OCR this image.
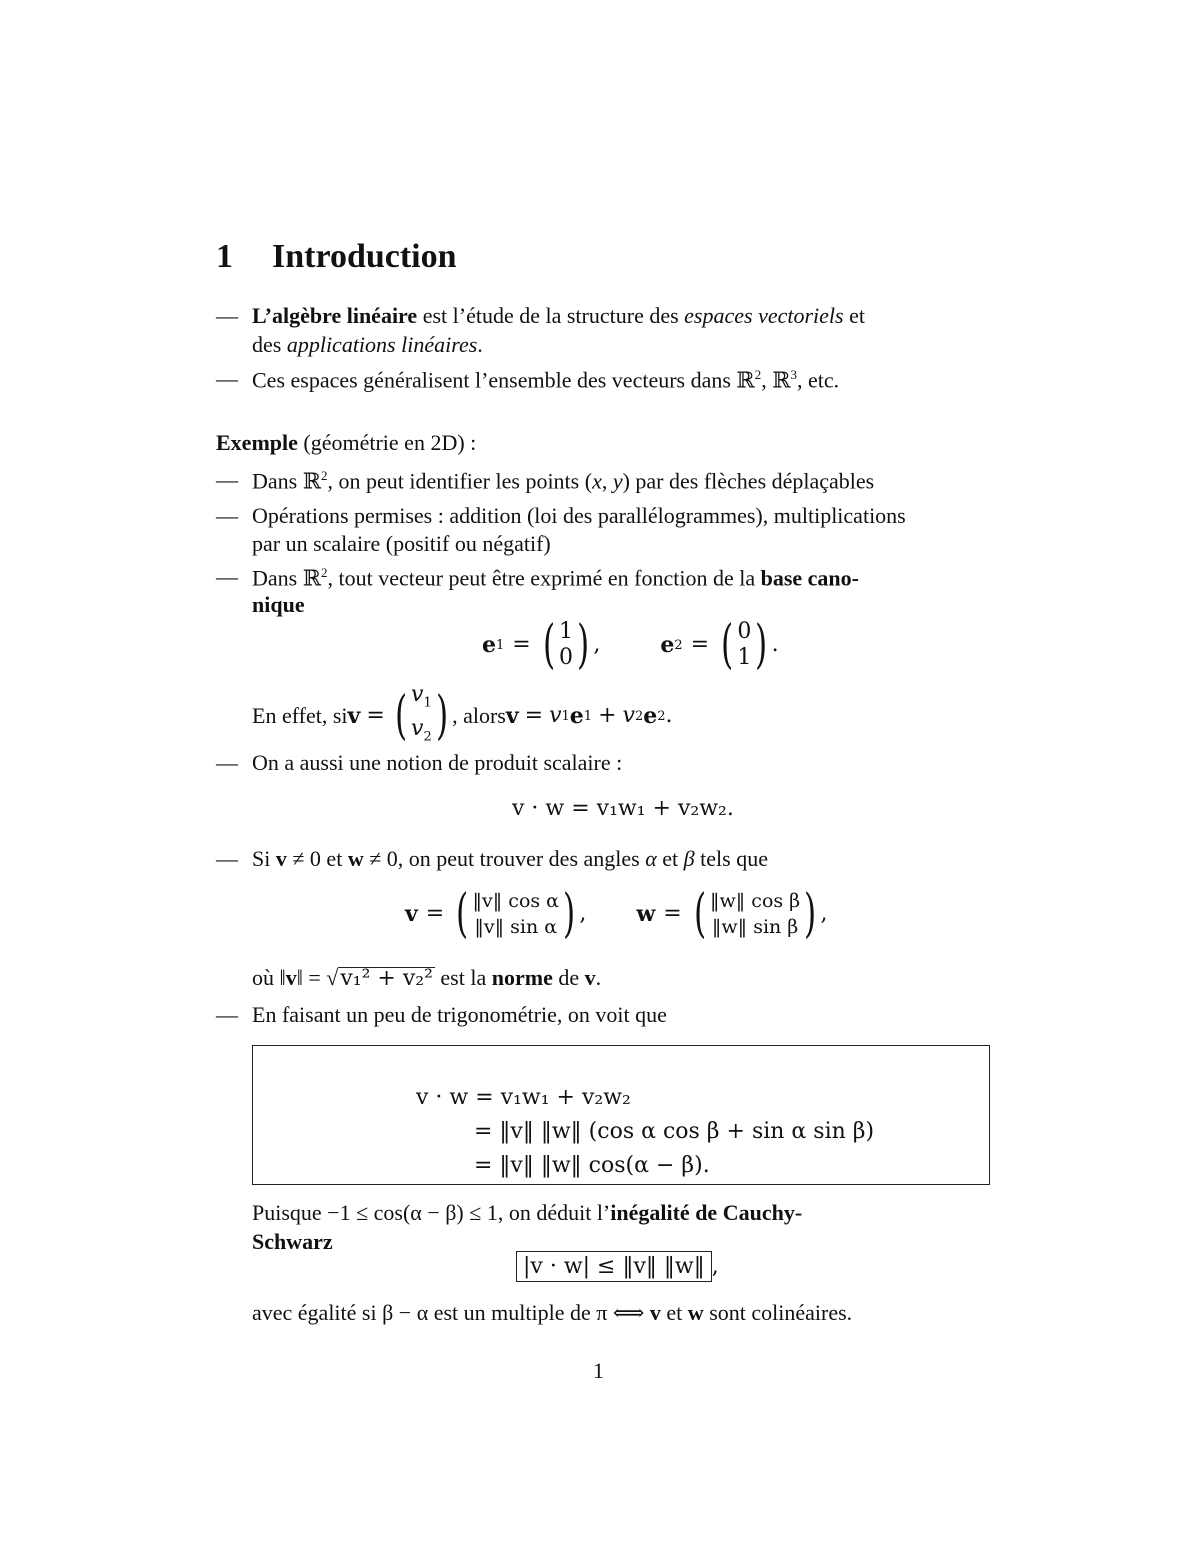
1 Introduction
— L’algèbre linéaire est l’étude de la structure des espaces vectoriels et
des applications linéaires.
— Ces espaces généralisent l’ensemble des vecteurs dans ℝ$^2$, ℝ$^3$, etc.
Exemple (géométrie en 2D) :
— Dans ℝ$^2$, on peut identifier les points (x, y) par des flèches déplaçables
— Opérations permises : addition (loi des parallélogrammes), multiplications
par un scalaire (positif ou négatif)
— Dans ℝ$^2$, tout vecteur peut être exprimé en fonction de la base cano-
nique
e 1 = ( 1
0 ) ,	e 2 = ( 0
1 ) .
En effet, si v = ( $v_1$
$v_2$ ) , alors v = v 1 e 1 + v 2 e 2 .
— On a aussi une notion de produit scalaire :
v · w = v₁w₁ + v₂w₂.
— Si v ≠ 0 et w ≠ 0, on peut trouver des angles α et β tels que
v = ( ‖v‖ cos α
‖v‖ sin α ) , w = ( ‖w‖ cos β
‖w‖ sin β ) ,
où ‖v‖ = √v₁² + v₂² est la norme de v.
— En faisant un peu de trigonométrie, on voit que
v · w = v₁w₁ + v₂w₂
= ‖v‖ ‖w‖ (cos α cos β + sin α sin β)
= ‖v‖ ‖w‖ cos(α − β).
Puisque −1 ≤ cos(α − β) ≤ 1, on déduit l’inégalité de Cauchy-
Schwarz
|v · w| ≤ ‖v‖ ‖w‖ ,
avec égalité si β − α est un multiple de π ⟺ v et w sont colinéaires.
1
